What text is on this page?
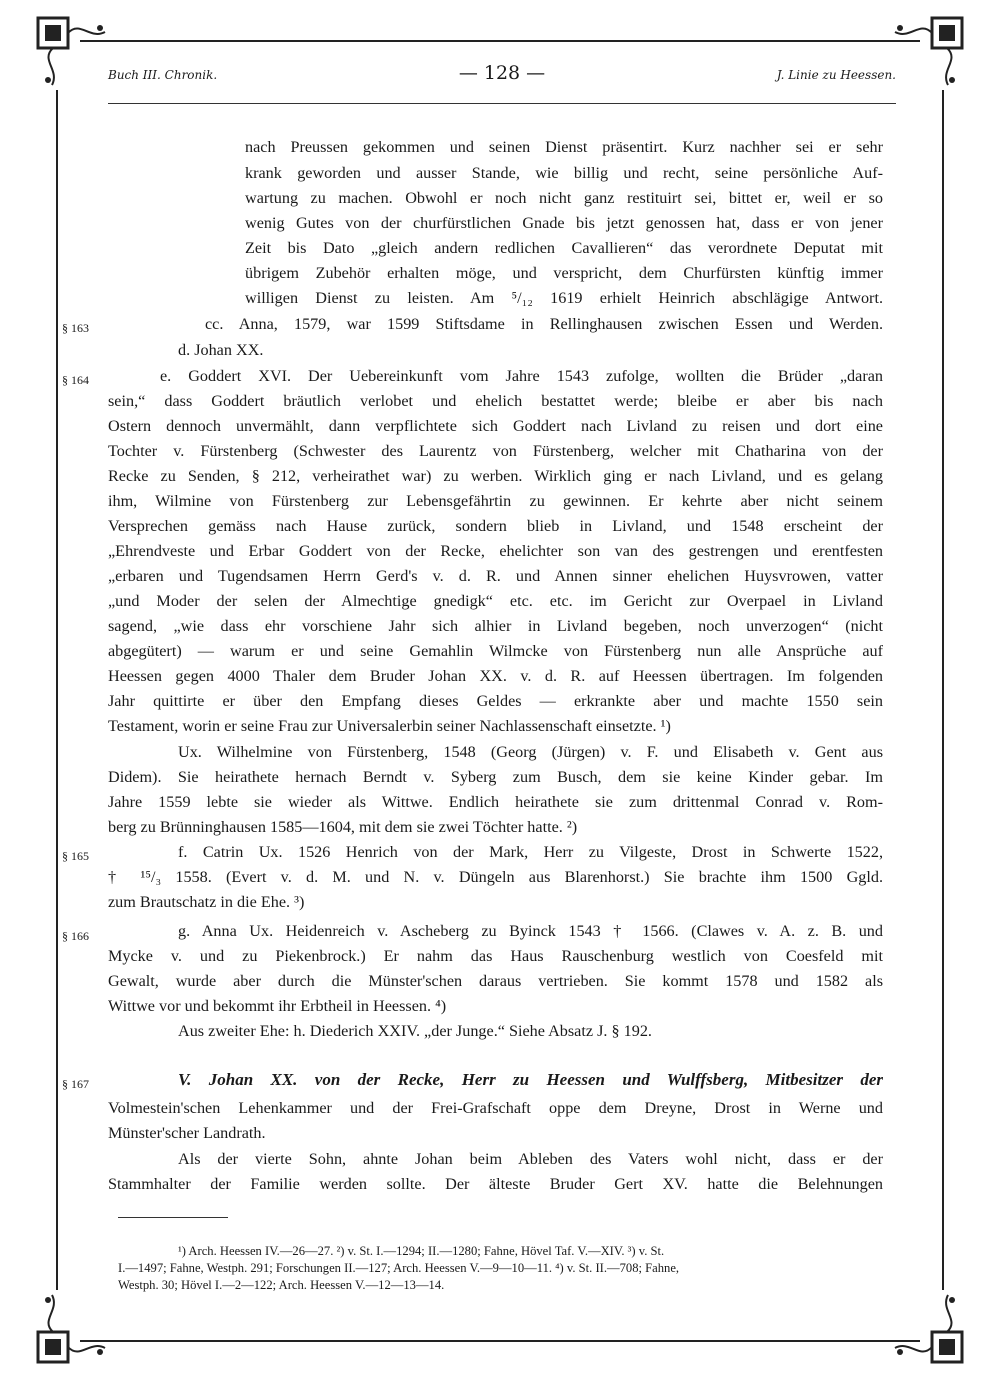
Buch III. Chronik.	— 128 —	J. Linie zu Heessen.
§ 163
§ 164
§ 165
§ 166
§ 167
nach Preussen gekommen und seinen Dienst präsentirt. Kurz nachher sei er sehr
krank geworden und ausser Stande, wie billig und recht, seine persönliche Auf-
wartung zu machen. Obwohl er noch nicht ganz restituirt sei, bittet er, weil er so
wenig Gutes von der churfürstlichen Gnade bis jetzt genossen hat, dass er von jener
Zeit bis Dato „gleich andern redlichen Cavallieren“ das verordnete Deputat mit
übrigem Zubehör erhalten möge, und verspricht, dem Churfürsten künftig immer
willigen Dienst zu leisten. Am ⁵/₁₂ 1619 erhielt Heinrich abschlägige Antwort.
cc. Anna, 1579, war 1599 Stiftsdame in Rellinghausen zwischen Essen und Werden.
d. Johan XX.
e. Goddert XVI. Der Uebereinkunft vom Jahre 1543 zufolge, wollten die Brüder „daran
sein,“ dass Goddert bräutlich verlobet und ehelich bestattet werde; bleibe er aber bis nach
Ostern dennoch unvermählt, dann verpflichtete sich Goddert nach Livland zu reisen und dort eine
Tochter v. Fürstenberg (Schwester des Laurentz von Fürstenberg, welcher mit Chatharina von der
Recke zu Senden, § 212, verheirathet war) zu werben. Wirklich ging er nach Livland, und es gelang
ihm, Wilmine von Fürstenberg zur Lebensgefährtin zu gewinnen. Er kehrte aber nicht seinem
Versprechen gemäss nach Hause zurück, sondern blieb in Livland, und 1548 erscheint der
„Ehrendveste und Erbar Goddert von der Recke, ehelichter son van des gestrengen und erentfesten
„erbaren und Tugendsamen Herrn Gerd's v. d. R. und Annen sinner ehelichen Huysvrowen, vatter
„und Moder der selen der Almechtige gnedigk“ etc. etc. im Gericht zur Overpael in Livland
sagend, „wie dass ehr vorschiene Jahr sich alhier in Livland begeben, noch unverzogen“ (nicht
abgegütert) — warum er und seine Gemahlin Wilmcke von Fürstenberg nun alle Ansprüche auf
Heessen gegen 4000 Thaler dem Bruder Johan XX. v. d. R. auf Heessen übertragen. Im folgenden
Jahr quittirte er über den Empfang dieses Geldes — erkrankte aber und machte 1550 sein
Testament, worin er seine Frau zur Universalerbin seiner Nachlassenschaft einsetzte. ¹)
Ux. Wilhelmine von Fürstenberg, 1548 (Georg (Jürgen) v. F. und Elisabeth v. Gent aus
Didem). Sie heirathete hernach Berndt v. Syberg zum Busch, dem sie keine Kinder gebar. Im
Jahre 1559 lebte sie wieder als Wittwe. Endlich heirathete sie zum drittenmal Conrad v. Rom-
berg zu Brünninghausen 1585—1604, mit dem sie zwei Töchter hatte. ²)
f. Catrin Ux. 1526 Henrich von der Mark, Herr zu Vilgeste, Drost in Schwerte 1522,
† ¹⁵/₃ 1558. (Evert v. d. M. und N. v. Düngeln aus Blarenhorst.) Sie brachte ihm 1500 Ggld.
zum Brautschatz in die Ehe. ³)
g. Anna Ux. Heidenreich v. Ascheberg zu Byinck 1543 † 1566. (Clawes v. A. z. B. und
Mycke v. und zu Piekenbrock.) Er nahm das Haus Rauschenburg westlich von Coesfeld mit
Gewalt, wurde aber durch die Münster'schen daraus vertrieben. Sie kommt 1578 und 1582 als
Wittwe vor und bekommt ihr Erbtheil in Heessen. ⁴)
Aus zweiter Ehe: h. Diederich XXIV. „der Junge.“ Siehe Absatz J. § 192.
V. Johan XX. von der Recke, Herr zu Heessen und Wulffsberg, Mitbesitzer der
Volmestein'schen Lehenkammer und der Frei-Grafschaft oppe dem Dreyne, Drost in Werne und
Münster'scher Landrath.
Als der vierte Sohn, ahnte Johan beim Ableben des Vaters wohl nicht, dass er der
Stammhalter der Familie werden sollte. Der älteste Bruder Gert XV. hatte die Belehnungen
¹) Arch. Heessen IV.—26—27. ²) v. St. I.—1294; II.—1280; Fahne, Hövel Taf. V.—XIV. ³) v. St.
I.—1497; Fahne, Westph. 291; Forschungen II.—127; Arch. Heessen V.—9—10—11. ⁴) v. St. II.—708; Fahne,
Westph. 30; Hövel I.—2—122; Arch. Heessen V.—12—13—14.
